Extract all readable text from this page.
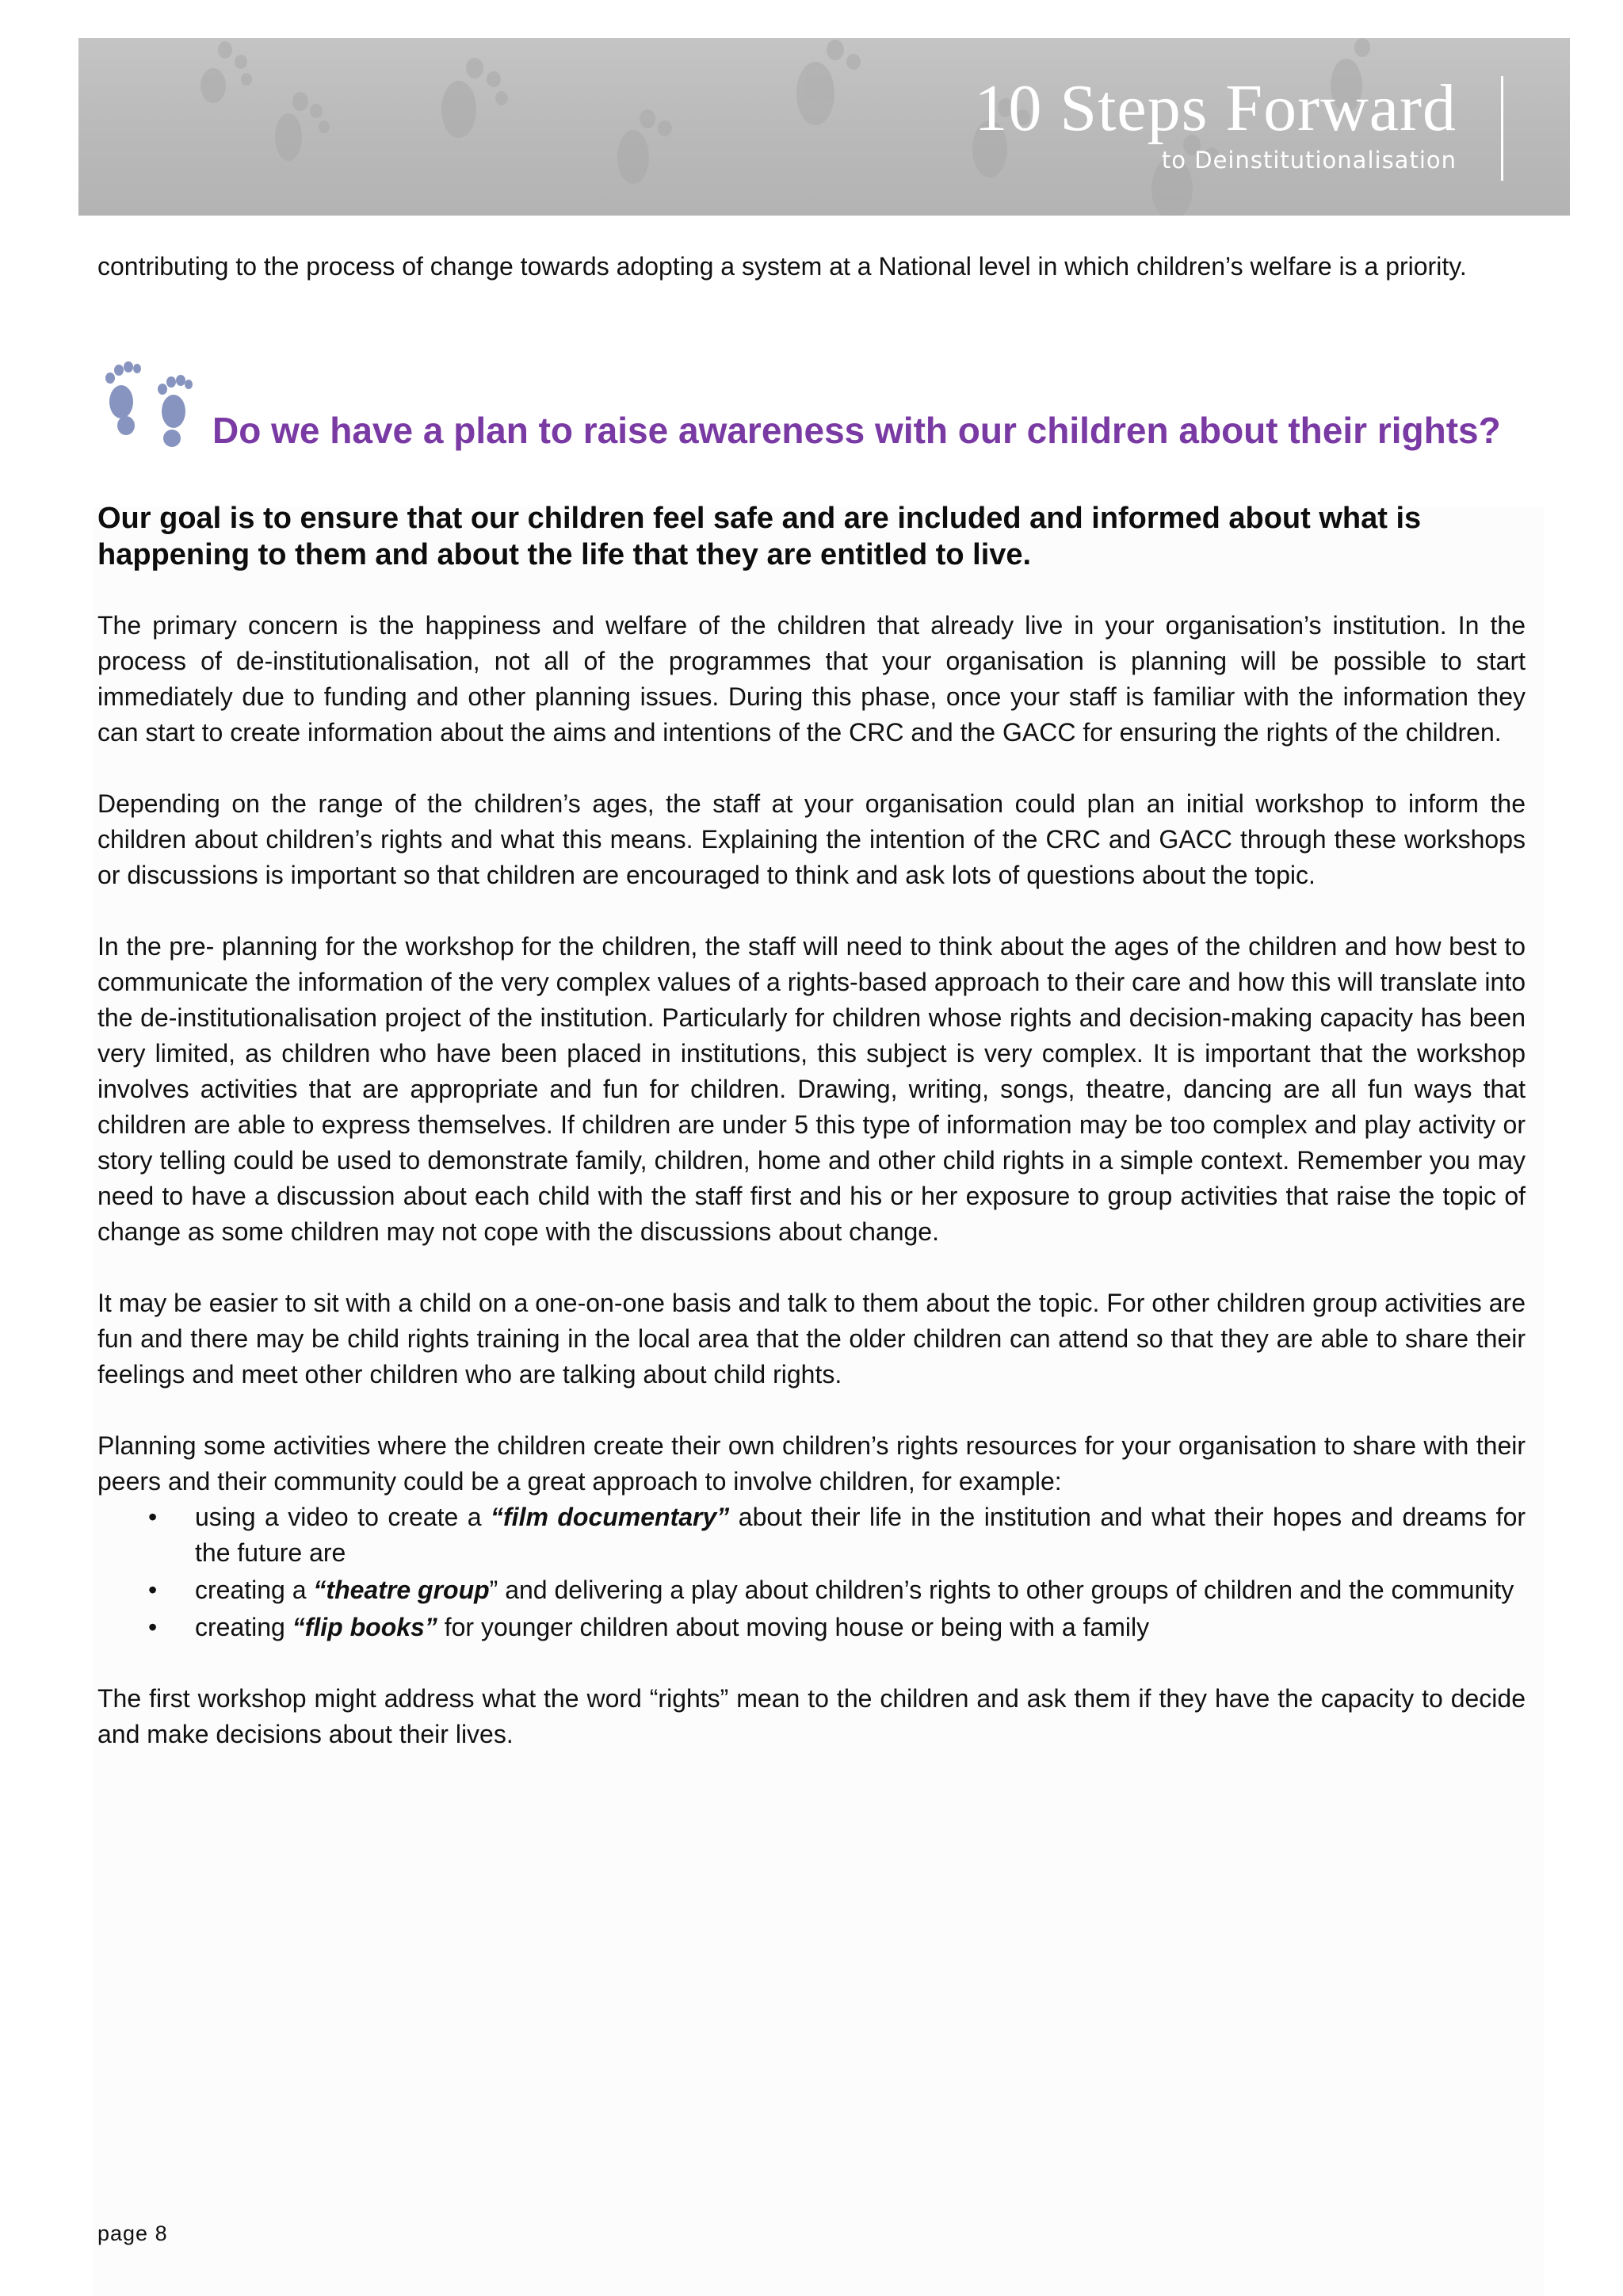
10 Steps Forward
to Deinstitutionalisation

contributing to the process of change towards adopting a system at a National level in which children’s welfare is a priority.

Do we have a plan to raise awareness with our children about their rights?

Our goal is to ensure that our children feel safe and are included and informed about what is happening to them and about the life that they are entitled to live.

The primary concern is the happiness and welfare of the children that already live in your organisation’s institution. In the process of de-institutionalisation, not all of the programmes that your organisation is planning will be possible to start immediately due to funding and other planning issues. During this phase, once your staff is familiar with the information they can start to create information about the aims and intentions of the CRC and the GACC for ensuring the rights of the children.

Depending on the range of the children’s ages, the staff at your organisation could plan an initial workshop to inform the children about children’s rights and what this means. Explaining the intention of the CRC and GACC through these workshops or discussions is important so that children are encouraged to think and ask lots of questions about the topic.

In the pre- planning for the workshop for the children, the staff will need to think about the ages of the children and how best to communicate the information of the very complex values of a rights-based approach to their care and how this will translate into the de-institutionalisation project of the institution. Particularly for children whose rights and decision-making capacity has been very limited, as children who have been placed in institutions, this subject is very complex. It is important that the workshop involves activities that are appropriate and fun for children. Drawing, writing, songs, theatre, dancing are all fun ways that children are able to express themselves. If children are under 5 this type of information may be too complex and play activity or story telling could be used to demonstrate family, children, home and other child rights in a simple context. Remember you may need to have a discussion about each child with the staff first and his or her exposure to group activities that raise the topic of change as some children may not cope with the discussions about change.

It may be easier to sit with a child on a one-on-one basis and talk to them about the topic. For other children group activities are fun and there may be child rights training in the local area that the older children can attend so that they are able to share their feelings and meet other children who are talking about child rights.

Planning some activities where the children create their own children’s rights resources for your organisation to share with their peers and their community could be a great approach to involve children, for example:

• using a video to create a “film documentary” about their life in the institution and what their hopes and dreams for the future are
• creating a “theatre group” and delivering a play about children’s rights to other groups of children and the community
• creating “flip books” for younger children about moving house or being with a family

The first workshop might address what the word “rights” mean to the children and ask them if they have the capacity to decide and make decisions about their lives.

page 8
